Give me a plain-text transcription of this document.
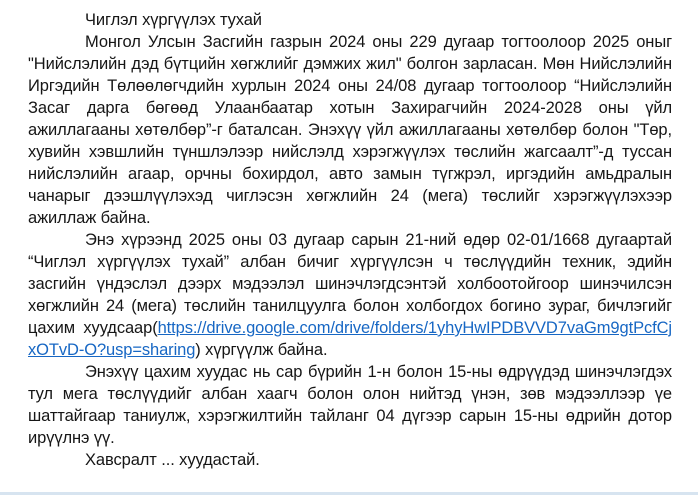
Чиглэл хүргүүлэх тухай

Монгол Улсын Засгийн газрын 2024 оны 229 дугаар тогтоолоор 2025 оныг "Нийслэлийн дэд бүтцийн хөгжлийг дэмжих жил" болгон зарласан. Мөн Нийслэлийн Иргэдийн Төлөөлөгчдийн хурлын 2024 оны 24/08 дугаар тогтоолоор “Нийслэлийн Засаг дарга бөгөөд Улаанбаатар хотын Захирагчийн 2024-2028 оны үйл ажиллагааны хөтөлбөр”-г баталсан. Энэхүү үйл ажиллагааны хөтөлбөр болон "Төр, хувийн хэвшлийн түншлэлээр нийслэлд хэрэгжүүлэх төслийн жагсаалт”-д туссан нийслэлийн агаар, орчны бохирдол, авто замын түгжрэл, иргэдийн амьдралын чанарыг дээшлүүлэхэд чиглэсэн хөгжлийн 24 (мега) төслийг хэрэгжүүлэхээр ажиллаж байна.

Энэ хүрээнд 2025 оны 03 дугаар сарын 21-ний өдөр 02-01/1668 дугаартай “Чиглэл хүргүүлэх тухай” албан бичиг хүргүүлсэн ч төслүүдийн техник, эдийн засгийн үндэслэл дээрх мэдээлэл шинэчлэгдсэнтэй холбоотойгоор шинэчилсэн хөгжлийн 24 (мега) төслийн танилцуулга болон холбогдох богино зураг, бичлэгийг цахим хуудсаар(https://drive.google.com/drive/folders/1yhyHwIPDBVVD7vaGm9gtPcfCjxOTvD-O?usp=sharing) хүргүүлж байна.

Энэхүү цахим хуудас нь сар бүрийн 1-н болон 15-ны өдрүүдэд шинэчлэгдэх тул мега төслүүдийг албан хаагч болон олон нийтэд үнэн, зөв мэдээллээр үе шаттайгаар таниулж, хэрэгжилтийн тайланг 04 дүгээр сарын 15-ны өдрийн дотор ирүүлнэ үү.

Хавсралт ... хуудастай.
